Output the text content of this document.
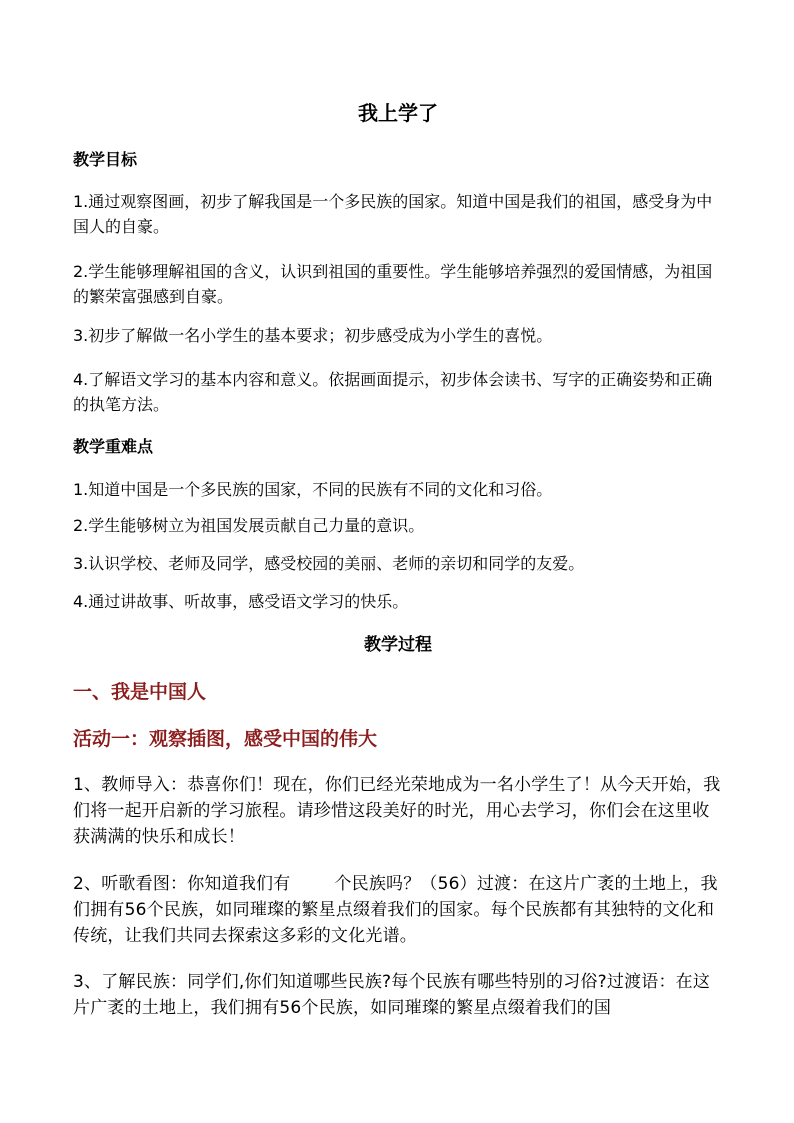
我上学了
教学目标

1.通过观察图画，初步了解我国是一个多民族的国家。知道中国是我们的祖国，感受身为中国人的自豪。

2.学生能够理解祖国的含义，认识到祖国的重要性。学生能够培养强烈的爱国情感，为祖国的繁荣富强感到自豪。

3.初步了解做一名小学生的基本要求；初步感受成为小学生的喜悦。

4.了解语文学习的基本内容和意义。依据画面提示，初步体会读书、写字的正确姿势和正确的执笔方法。

教学重难点

1.知道中国是一个多民族的国家，不同的民族有不同的文化和习俗。

2.学生能够树立为祖国发展贡献自己力量的意识。

3.认识学校、老师及同学，感受校园的美丽、老师的亲切和同学的友爱。

4.通过讲故事、听故事，感受语文学习的快乐。

教学过程
一、我是中国人
活动一：观察插图，感受中国的伟大

1、教师导入：恭喜你们！现在，你们已经光荣地成为一名小学生了！从今天开始，我们将一起开启新的学习旅程。请珍惜这段美好的时光，用心去学习，你们会在这里收获满满的快乐和成长！

2、听歌看图：你知道我们有	个民族吗？（56）过渡：在这片广袤的土地上，我们拥有56个民族，如同璀璨的繁星点缀着我们的国家。每个民族都有其独特的文化和传统，让我们共同去探索这多彩的文化光谱。

3、了解民族：同学们,你们知道哪些民族?每个民族有哪些特别的习俗?过渡语：在这片广袤的土地上，我们拥有56个民族，如同璀璨的繁星点缀着我们的国
